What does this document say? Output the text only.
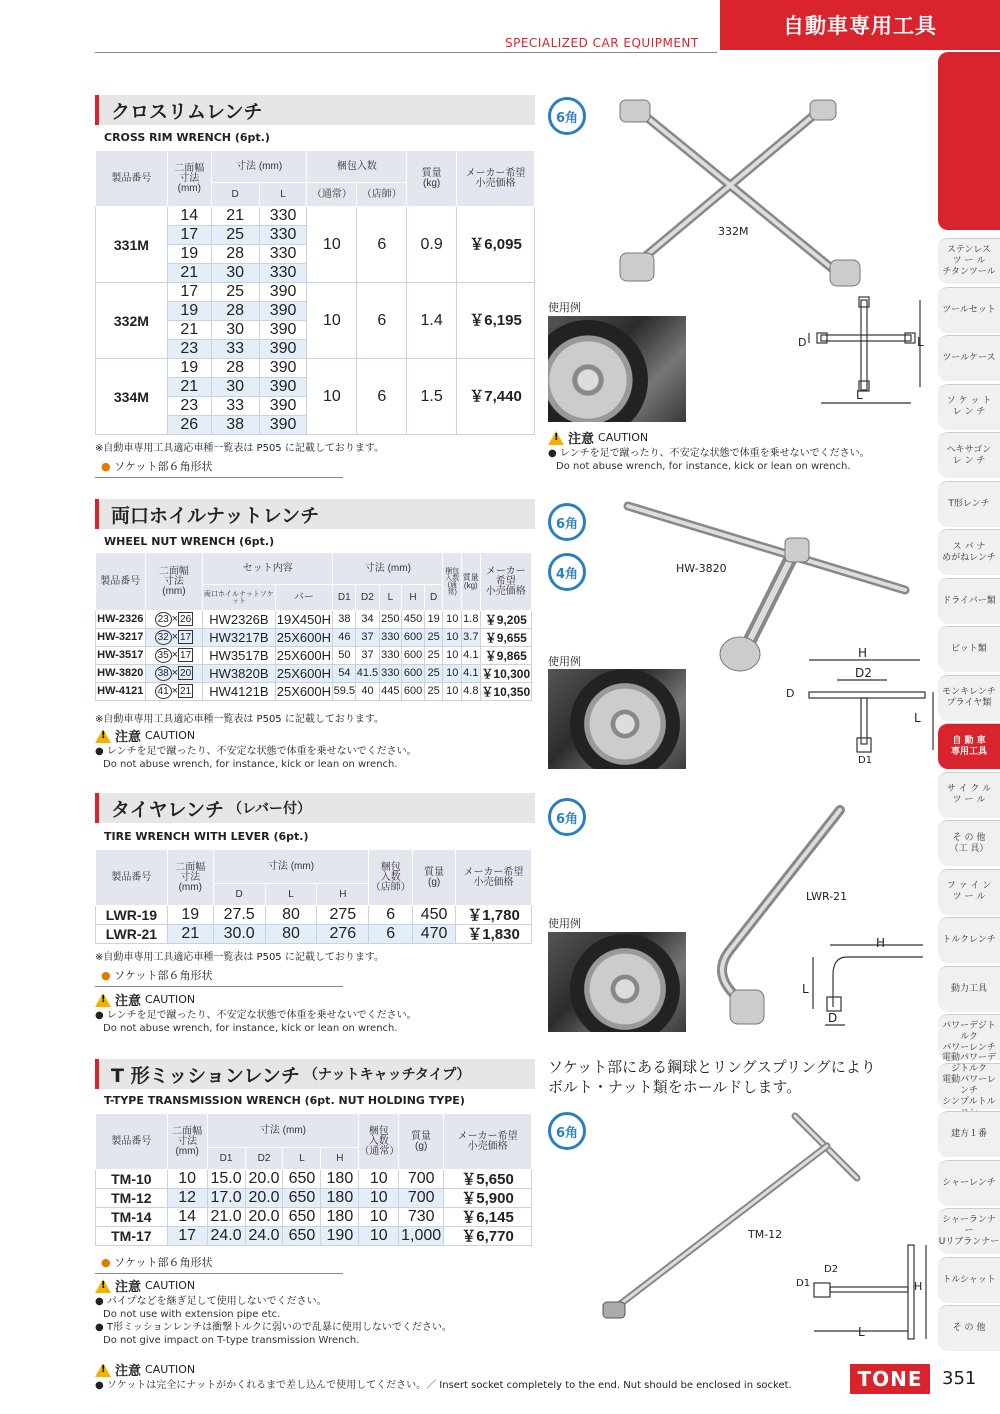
自動車専用工具
SPECIALIZED CAR EQUIPMENT
ステンレス
ツ ー ル
チタンツール
ツールセット
ツールケース
ソ ケ ッ ト
レ ン チ
ヘキサゴン
レ ン チ
T形レンチ
ス パ ナ
めがねレンチ
ドライバー類
ビット類
モンキレンチ
プライヤ類
自 動 車
専用工具
サ イ ク ル
ツ ー ル
そ の 他
（工 具）
フ ァ イ ン
ツ ー ル
トルクレンチ
動力工具
パワーデジトルク
パワーレンチ
ジトルク
電動パワーレンチ
シンプルトル
建方１番
シャーレンチ
シャーランナー
Uリブランナー
トルシャット
そ の 他
クロスリムレンチ
CROSS RIM WRENCH (6pt.)
製品番号	二面幅
寸法
(mm)	寸法 (mm)		梱包入数		質量
(kg)	メーカー希望
小売価格
		D	L	（通常）	（店師）		
331M	14	21	330	10	6	0.9	￥6,095
	17	25	330				
	19	28	330				
	21	30	330				
332M	17	25	390	10	6	1.4	￥6,195
	19	28	390				
	21	30	390				
	23	33	390				
334M	19	28	390	10	6	1.5	￥7,440
	21	30	390				
	23	33	390				
	26	38	390				
※自動車専用工具適応車種一覧表は P505 に記載しております。
● ソケット部６角形状
6角
332M
使用例
L
L
D
!
注意 CAUTION
● レンチを足で蹴ったり、不安定な状態で体重を乗せないでください。
Do not abuse wrench, for instance, kick or lean on wrench.
両口ホイルナットレンチ
WHEEL NUT WRENCH (6pt.)
製品番号	二面幅
寸法
(mm)	セット内容		寸法 (mm)					梱包
入数
(通常)	質量
(kg)	メーカー
希望
小売価格
		両口ホイルナットソケット	バー	D1	D2	L	H	D			
HW-2326	23 × 26	HW2326B	19X450H	38	34	250	450	19	10	1.8	￥9,205
HW-3217	32 × 17	HW3217B	25X600H	46	37	330	600	25	10	3.7	￥9,655
HW-3517	35 × 17	HW3517B	25X600H	50	37	330	600	25	10	4.1	￥9,865
HW-3820	38 × 20	HW3820B	25X600H	54	41.5	330	600	25	10	4.1	￥10,300
HW-4121	41 × 21	HW4121B	25X600H	59.5	40	445	600	25	10	4.8	￥10,350
※自動車専用工具適応車種一覧表は P505 に記載しております。
!
注意 CAUTION
● レンチを足で蹴ったり、不安定な状態で体重を乗せないでください。
Do not abuse wrench, for instance, kick or lean on wrench.
6角
4角	HW-3820
使用例
H
D2
D
L
D1
タイヤレンチ （レバー付）
TIRE WRENCH WITH LEVER (6pt.)
製品番号	二面幅
寸法
(mm)	寸法 (mm)			梱包
入数
（店師）	質量
(g)	メーカー希望
小売価格
		D	L	H			
LWR-19	19	27.5	80	275	6	450	￥1,780
LWR-21	21	30.0	80	276	6	470	￥1,830
※自動車専用工具適応車種一覧表は P505 に記載しております。
● ソケット部６角形状
!
注意 CAUTION
● レンチを足で蹴ったり、不安定な状態で体重を乗せないでください。
Do not abuse wrench, for instance, kick or lean on wrench.
6角
LWR-21
使用例
H
L
D
T 形ミッションレンチ （ナットキャッチタイプ）
T-TYPE TRANSMISSION WRENCH (6pt. NUT HOLDING TYPE)
製品番号	二面幅
寸法
(mm)	寸法 (mm)				梱包
入数
（通常）	質量
(g)	メーカー希望
小売価格
		D1	D2	L	H			
TM-10	10	15.0	20.0	650	180	10	700	￥5,650
TM-12	12	17.0	20.0	650	180	10	700	￥5,900
TM-14	14	21.0	20.0	650	180	10	730	￥6,145
TM-17	17	24.0	24.0	650	190	10	1,000	￥6,770
● ソケット部６角形状
!
注意 CAUTION
● パイプなどを継ぎ足して使用しないでください。
Do not use with extension pipe etc.
● T形ミッションレンチは衝撃トルクに弱いので乱暴に使用しないでください。
Do not give impact on T-type transmission Wrench.
ソケット部にある鋼球とリングスプリングにより
ボルト・ナット類をホールドします。
6角
TM-12
H
L
D1
D2
!
注意 CAUTION
● ソケットは完全にナットがかくれるまで差し込んで使用してください。／ Insert socket completely to the end. Nut should be enclosed in socket.	TONE	351
